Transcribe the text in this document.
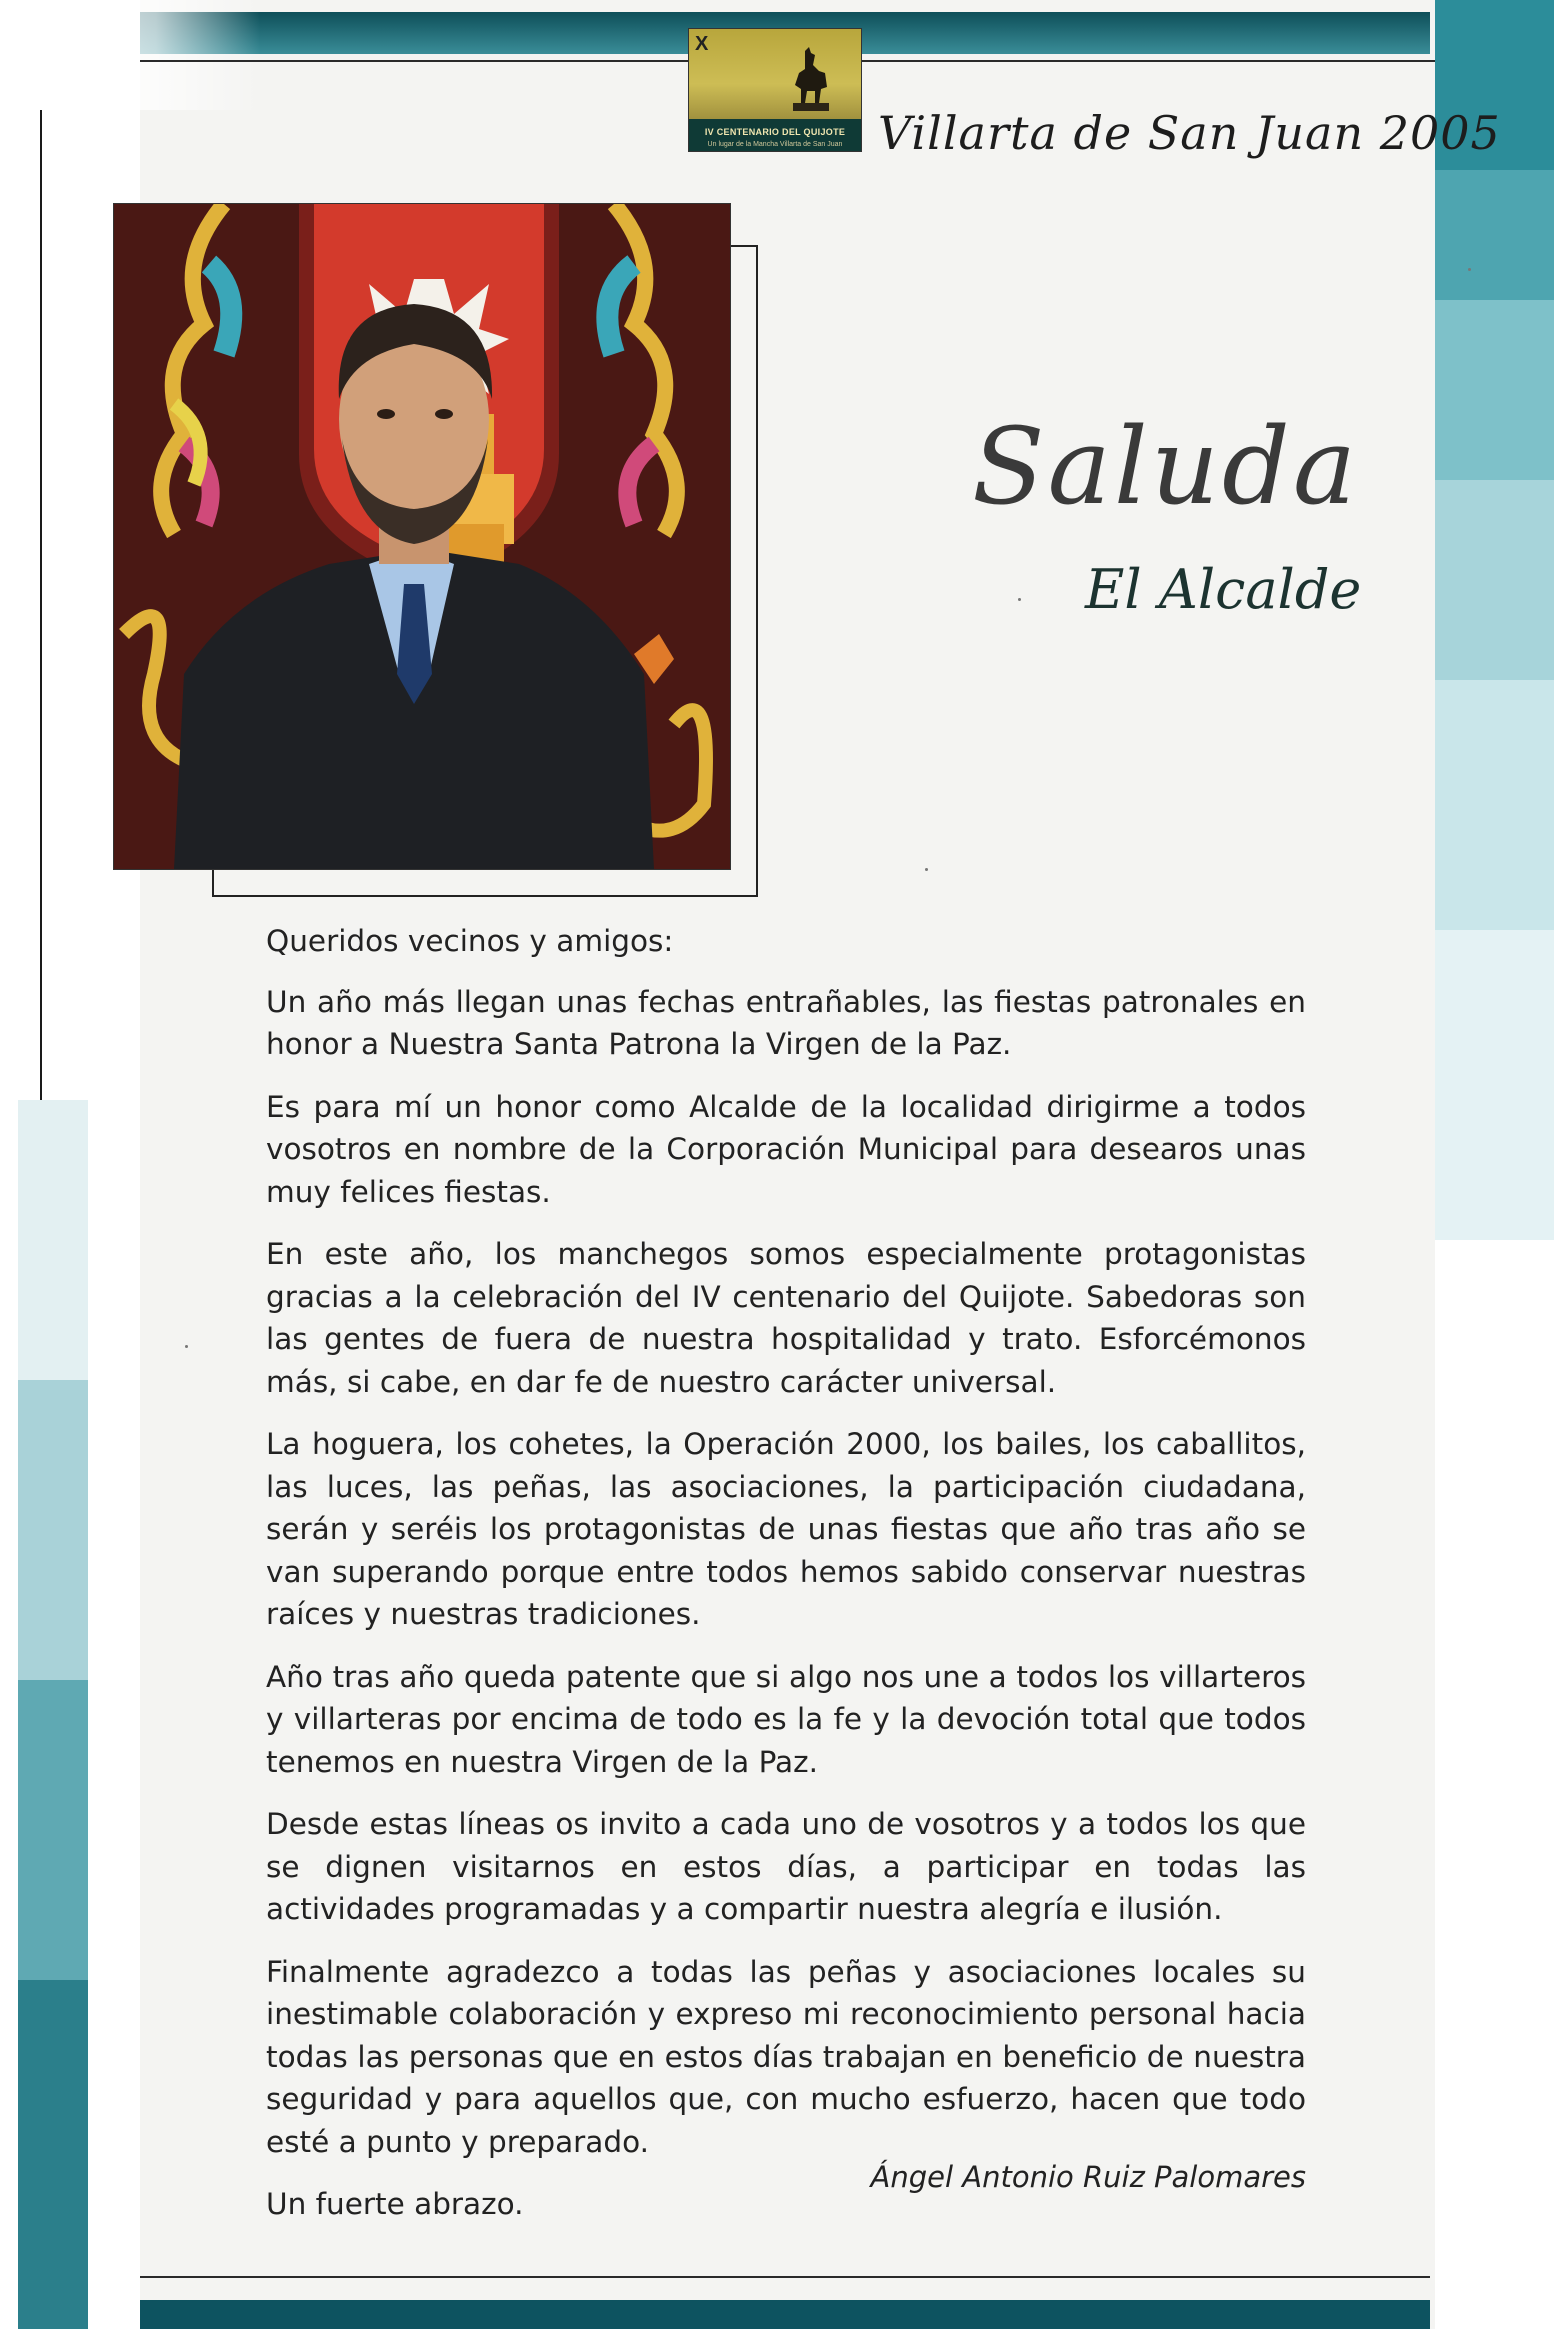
X
IV CENTENARIO DEL QUIJOTE
Un lugar de la Mancha Villarta de San Juan Villarta de San Juan 2005
Saluda
El Alcalde

Queridos vecinos y amigos:

Un año más llegan unas fechas entrañables, las fiestas patronales en honor a Nuestra Santa Patrona la Virgen de la Paz.

Es para mí un honor como Alcalde de la localidad dirigirme a todos vosotros en nombre de la Corporación Municipal para desearos unas muy felices fiestas.

En este año, los manchegos somos especialmente protagonistas gracias a la celebración del IV centenario del Quijote. Sabedoras son las gentes de fuera de nuestra hospitalidad y trato. Esforcémonos más, si cabe, en dar fe de nuestro carácter universal.

La hoguera, los cohetes, la Operación 2000, los bailes, los caballitos, las luces, las peñas, las asociaciones, la participación ciudadana, serán y seréis los protagonistas de unas fiestas que año tras año se van superando porque entre todos hemos sabido conservar nuestras raíces y nuestras tradiciones.

Año tras año queda patente que si algo nos une a todos los villarteros y villarteras por encima de todo es la fe y la devoción total que todos tenemos en nuestra Virgen de la Paz.

Desde estas líneas os invito a cada uno de vosotros y a todos los que se dignen visitarnos en estos días, a participar en todas las actividades programadas y a compartir nuestra alegría e ilusión.

Finalmente agradezco a todas las peñas y asociaciones locales su inestimable colaboración y expreso mi reconocimiento personal hacia todas las personas que en estos días trabajan en beneficio de nuestra seguridad y para aquellos que, con mucho esfuerzo, hacen que todo esté a punto y preparado.

Un fuerte abrazo.

Ángel Antonio Ruiz Palomares
